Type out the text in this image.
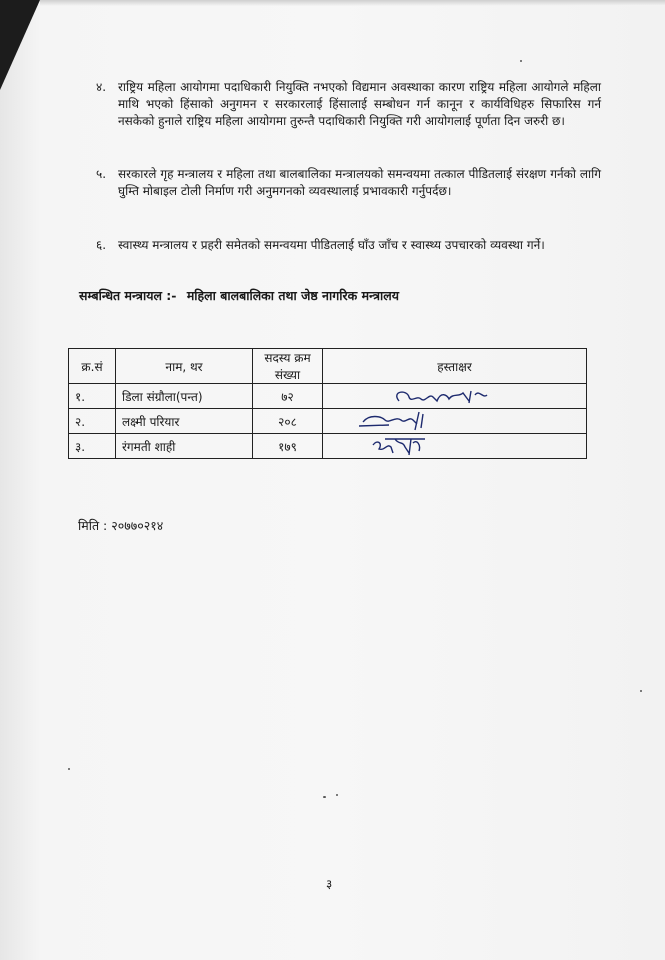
४. राष्ट्रिय महिला आयोगमा पदाधिकारी नियुक्ति नभएको विद्यमान अवस्थाका कारण राष्ट्रिय महिला आयोगले महिला माथि भएको हिंसाको अनुगमन र सरकारलाई हिंसालाई सम्बोधन गर्न कानून र कार्यविधिहरु सिफारिस गर्न नसकेको हुनाले राष्ट्रिय महिला आयोगमा तुरुन्तै पदाधिकारी नियुक्ति गरी आयोगलाई पूर्णता दिन जरुरी छ।
५. सरकारले गृह मन्त्रालय र महिला तथा बालबालिका मन्त्रालयको समन्वयमा तत्काल पीडितलाई संरक्षण गर्नको लागि घुम्ति मोबाइल टोली निर्माण गरी अनुमगनको व्यवस्थालाई प्रभावकारी गर्नुपर्दछ।
६. स्वास्थ्य मन्त्रालय र प्रहरी समेतको समन्वयमा पीडितलाई घाँउ जाँच र स्वास्थ्य उपचारको व्यवस्था गर्ने।
सम्बन्धित मन्त्रायल :- महिला बालबालिका तथा जेष्ठ नागरिक मन्त्रालय
क्र.सं	नाम, थर	सदस्य क्रम संख्या	हस्ताक्षर
१.	डिला संग्रौला(पन्त)	७२	

२.	लक्ष्मी परियार	२०८	

३.	रंगमती शाही	१७९	
मिति : २०७७०२१४
३
